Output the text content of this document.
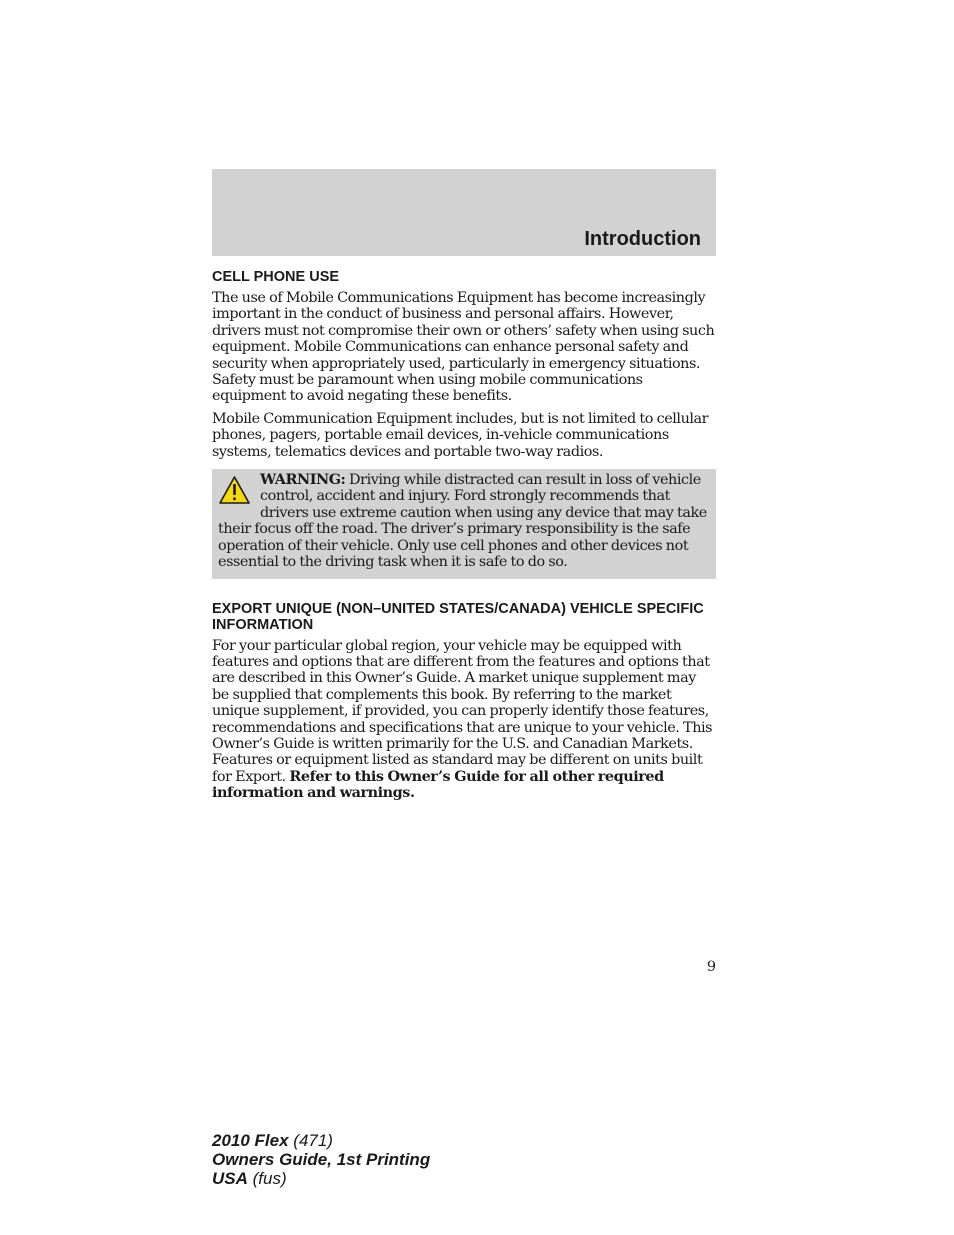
Introduction
CELL PHONE USE

The use of Mobile Communications Equipment has become increasingly important in the conduct of business and personal affairs. However, drivers must not compromise their own or others’ safety when using such equipment. Mobile Communications can enhance personal safety and security when appropriately used, particularly in emergency situations. Safety must be paramount when using mobile communications equipment to avoid negating these benefits.

Mobile Communication Equipment includes, but is not limited to cellular phones, pagers, portable email devices, in-vehicle communications systems, telematics devices and portable two-way radios.

WARNING: Driving while distracted can result in loss of vehicle control, accident and injury. Ford strongly recommends that drivers use extreme caution when using any device that may take their focus off the road. The driver’s primary responsibility is the safe operation of their vehicle. Only use cell phones and other devices not essential to the driving task when it is safe to do so.

EXPORT UNIQUE (NON–UNITED STATES/CANADA) VEHICLE SPECIFIC INFORMATION

For your particular global region, your vehicle may be equipped with features and options that are different from the features and options that are described in this Owner’s Guide. A market unique supplement may be supplied that complements this book. By referring to the market unique supplement, if provided, you can properly identify those features, recommendations and specifications that are unique to your vehicle. This Owner’s Guide is written primarily for the U.S. and Canadian Markets. Features or equipment listed as standard may be different on units built for Export. Refer to this Owner’s Guide for all other required information and warnings.

9
2010 Flex (471)
Owners Guide, 1st Printing
USA (fus)
